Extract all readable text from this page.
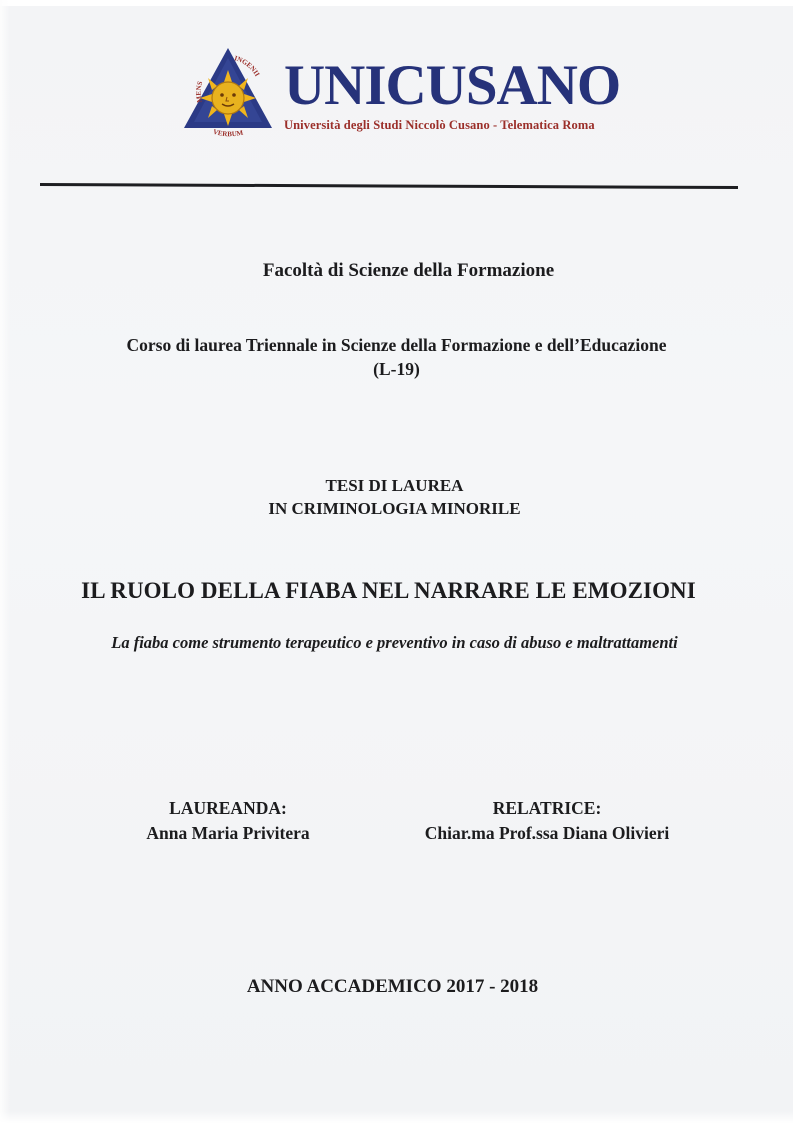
MENS
INGENII
VERBUM
UNICUSANO
Università degli Studi Niccolò Cusano - Telematica Roma
Facoltà di Scienze della Formazione
Corso di laurea Triennale in Scienze della Formazione e dell’Educazione
(L-19)
TESI DI LAUREA
IN CRIMINOLOGIA MINORILE
IL RUOLO DELLA FIABA NEL NARRARE LE EMOZIONI
La fiaba come strumento terapeutico e preventivo in caso di abuso e maltrattamenti
LAUREANDA:
Anna Maria Privitera
RELATRICE:
Chiar.ma Prof.ssa Diana Olivieri
ANNO ACCADEMICO 2017 - 2018
